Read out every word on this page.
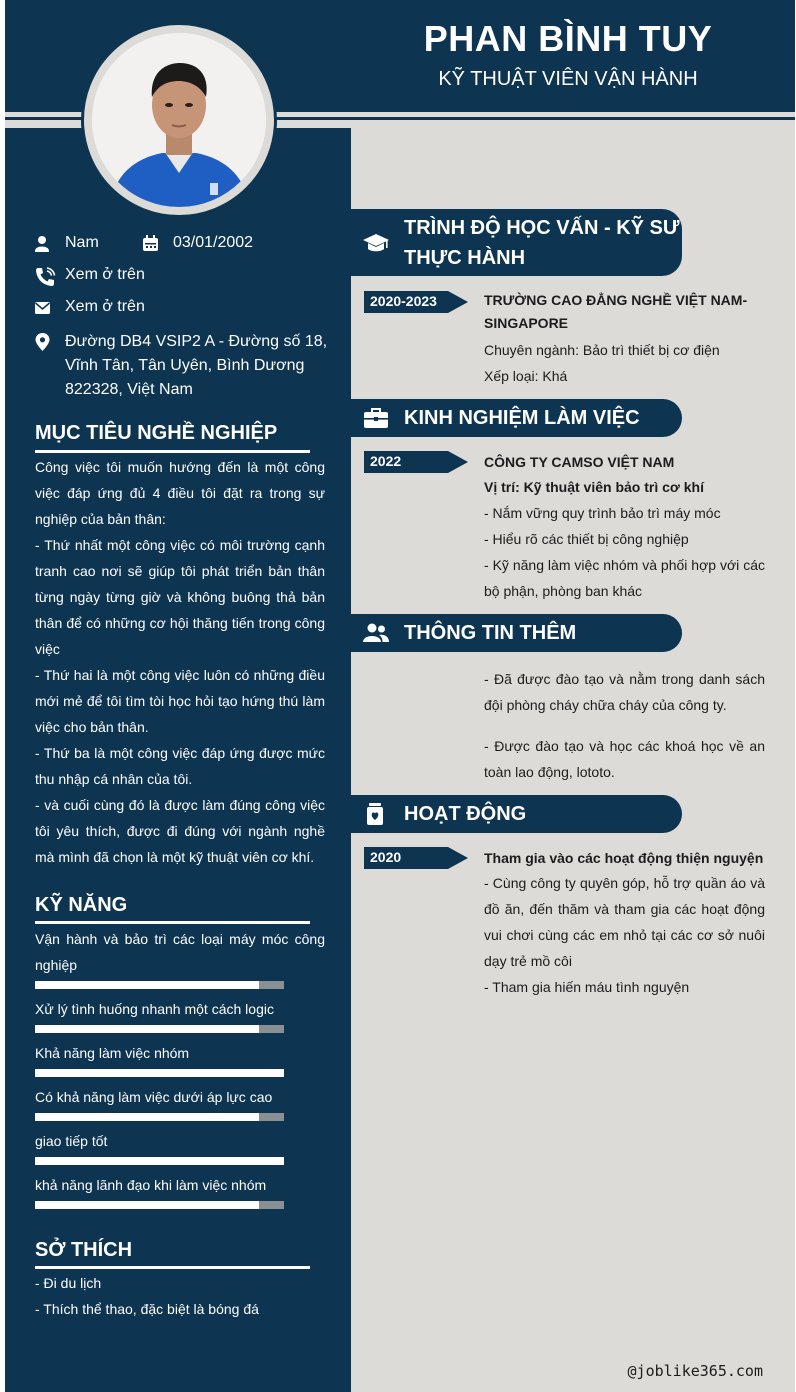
PHAN BÌNH TUY
KỸ THUẬT VIÊN VẬN HÀNH
Nam	03/01/2002
Xem ở trên
Xem ở trên
Đường DB4 VSIP2 A - Đường số 18,
Vĩnh Tân, Tân Uyên, Bình Dương
822328, Việt Nam
MỤC TIÊU NGHỀ NGHIỆP
Công việc tôi muốn hướng đến là một công việc đáp ứng đủ 4 điều tôi đặt ra trong sự nghiệp của bản thân:
- Thứ nhất một công việc có môi trường cạnh tranh cao nơi sẽ giúp tôi phát triển bản thân từng ngày từng giờ và không buông thả bản thân để có những cơ hội thăng tiến trong công việc
- Thứ hai là một công việc luôn có những điều mới mẻ để tôi tìm tòi học hỏi tạo hứng thú làm việc cho bản thân.
- Thứ ba là một công việc đáp ứng được mức thu nhập cá nhân của tôi.
- và cuối cùng đó là được làm đúng công việc tôi yêu thích, được đi đúng với ngành nghề mà mình đã chọn là một kỹ thuật viên cơ khí.
KỸ NĂNG
Vận hành và bảo trì các loại máy móc công nghiệp
Xử lý tình huống nhanh một cách logic
Khả năng làm việc nhóm
Có khả năng làm việc dưới áp lực cao
giao tiếp tốt
khả năng lãnh đạo khi làm việc nhóm
SỞ THÍCH
- Đi du lịch
- Thích thể thao, đặc biệt là bóng đá
TRÌNH ĐỘ HỌC VẤN - KỸ SƯ
THỰC HÀNH
2020-2023	TRƯỜNG CAO ĐẲNG NGHỀ VIỆT NAM-
SINGAPORE
Chuyên ngành: Bảo trì thiết bị cơ điện
Xếp loại: Khá
KINH NGHIỆM LÀM VIỆC
2022	CÔNG TY CAMSO VIỆT NAM
Vị trí: Kỹ thuật viên bảo trì cơ khí
- Nắm vững quy trình bảo trì máy móc
- Hiểu rõ các thiết bị công nghiệp
- Kỹ năng làm việc nhóm và phối hợp với các bộ phận, phòng ban khác
THÔNG TIN THÊM
- Đã được đào tạo và nằm trong danh sách đội phòng cháy chữa cháy của công ty.
- Được đào tạo và học các khoá học về an toàn lao động, lototo.
HOẠT ĐỘNG
2020	Tham gia vào các hoạt động thiện nguyện
- Cùng công ty quyên góp, hỗ trợ quần áo và đồ ăn, đến thăm và tham gia các hoạt động vui chơi cùng các em nhỏ tại các cơ sở nuôi dạy trẻ mồ côi
- Tham gia hiến máu tình nguyện
@joblike365.com
